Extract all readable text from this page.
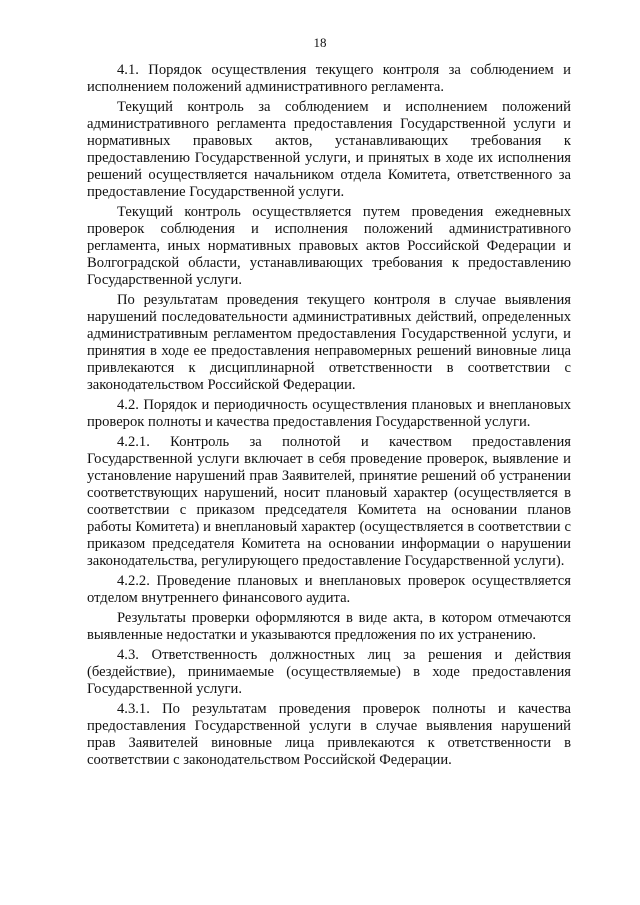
18

4.1. Порядок осуществления текущего контроля за соблюдением и исполнением положений административного регламента.

Текущий контроль за соблюдением и исполнением положений административного регламента предоставления Государственной услуги и нормативных правовых актов, устанавливающих требования к предоставлению Государственной услуги, и принятых в ходе их исполнения решений осуществляется начальником отдела Комитета, ответственного за предоставление Государственной услуги.

Текущий контроль осуществляется путем проведения ежедневных проверок соблюдения и исполнения положений административного регламента, иных нормативных правовых актов Российской Федерации и Волгоградской области, устанавливающих требования к предоставлению Государственной услуги.

По результатам проведения текущего контроля в случае выявления нарушений последовательности административных действий, определенных административным регламентом предоставления Государственной услуги, и принятия в ходе ее предоставления неправомерных решений виновные лица привлекаются к дисциплинарной ответственности в соответствии с законодательством Российской Федерации.

4.2. Порядок и периодичность осуществления плановых и внеплановых проверок полноты и качества предоставления Государственной услуги.

4.2.1. Контроль за полнотой и качеством предоставления Государственной услуги включает в себя проведение проверок, выявление и установление нарушений прав Заявителей, принятие решений об устранении соответствующих нарушений, носит плановый характер (осуществляется в соответствии с приказом председателя Комитета на основании планов работы Комитета) и внеплановый характер (осуществляется в соответствии с приказом председателя Комитета на основании информации о нарушении законодательства, регулирующего предоставление Государственной услуги).

4.2.2. Проведение плановых и внеплановых проверок осуществляется отделом внутреннего финансового аудита.

Результаты проверки оформляются в виде акта, в котором отмечаются выявленные недостатки и указываются предложения по их устранению.

4.3. Ответственность должностных лиц за решения и действия (бездействие), принимаемые (осуществляемые) в ходе предоставления Государственной услуги.

4.3.1. По результатам проведения проверок полноты и качества предоставления Государственной услуги в случае выявления нарушений прав Заявителей виновные лица привлекаются к ответственности в соответствии с законодательством Российской Федерации.
